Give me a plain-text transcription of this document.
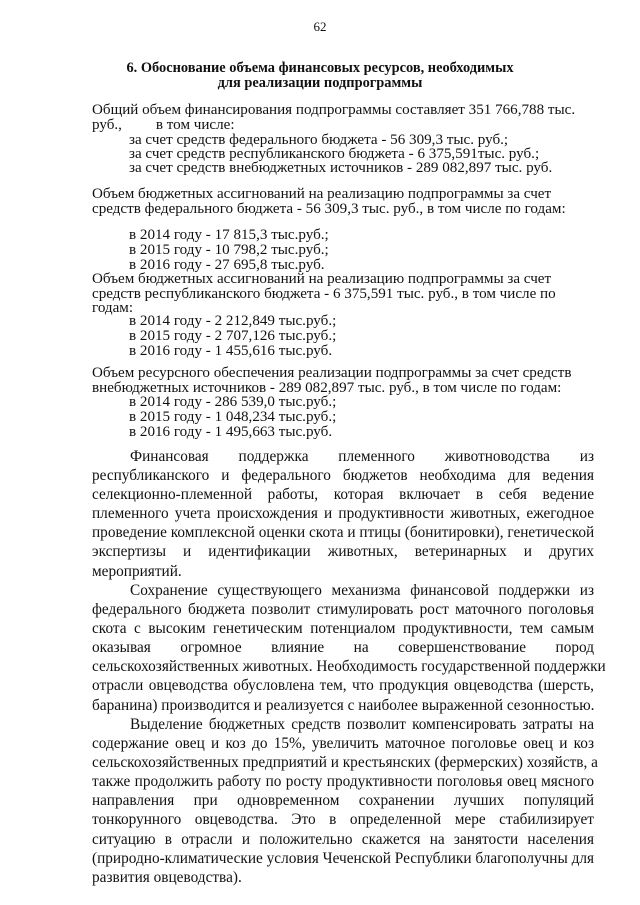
62
6. Обоснование объема финансовых ресурсов, необходимых
для реализации подпрограммы
Общий объем финансирования подпрограммы составляет 351 766,788 тыс.
руб.,         в том числе:
за счет средств федерального бюджета - 56 309,3 тыс. руб.;
за счет средств республиканского бюджета - 6 375,591тыс. руб.;
за счет средств внебюджетных источников - 289 082,897 тыс. руб.
Объем бюджетных ассигнований на реализацию подпрограммы за счет
средств федерального бюджета - 56 309,3 тыс. руб., в том числе по годам:
в 2014 году - 17 815,3 тыс.руб.;
в 2015 году - 10 798,2 тыс.руб.;
в 2016 году - 27 695,8 тыс.руб.
Объем бюджетных ассигнований на реализацию подпрограммы за счет
средств республиканского бюджета - 6 375,591 тыс. руб., в том числе по
годам:
в 2014 году - 2 212,849 тыс.руб.;
в 2015 году - 2 707,126 тыс.руб.;
в 2016 году - 1 455,616 тыс.руб.
Объем ресурсного обеспечения реализации подпрограммы за счет средств
внебюджетных источников - 289 082,897 тыс. руб., в том числе по годам:
в 2014 году - 286 539,0 тыс.руб.;
в 2015 году - 1 048,234 тыс.руб.;
в 2016 году - 1 495,663 тыс.руб.
Финансовая поддержка племенного животноводства из
республиканского и федерального бюджетов необходима для ведения
селекционно-племенной работы, которая включает в себя ведение
племенного учета происхождения и продуктивности животных, ежегодное
проведение комплексной оценки скота и птицы (бонитировки), генетической
экспертизы и идентификации животных, ветеринарных и других
мероприятий.
Сохранение существующего механизма финансовой поддержки из
федерального бюджета позволит стимулировать рост маточного поголовья
скота с высоким генетическим потенциалом продуктивности, тем самым
оказывая огромное влияние на совершенствование пород
сельскохозяйственных животных. Необходимость государственной поддержки
отрасли овцеводства обусловлена тем, что продукция овцеводства (шерсть,
баранина) производится и реализуется с наиболее выраженной сезонностью.
Выделение бюджетных средств позволит компенсировать затраты на
содержание овец и коз до 15%, увеличить маточное поголовье овец и коз
сельскохозяйственных предприятий и крестьянских (фермерских) хозяйств, а
также продолжить работу по росту продуктивности поголовья овец мясного
направления при одновременном сохранении лучших популяций
тонкорунного овцеводства. Это в определенной мере стабилизирует
ситуацию в отрасли и положительно скажется на занятости населения
(природно-климатические условия Чеченской Республики благополучны для
развития овцеводства).
